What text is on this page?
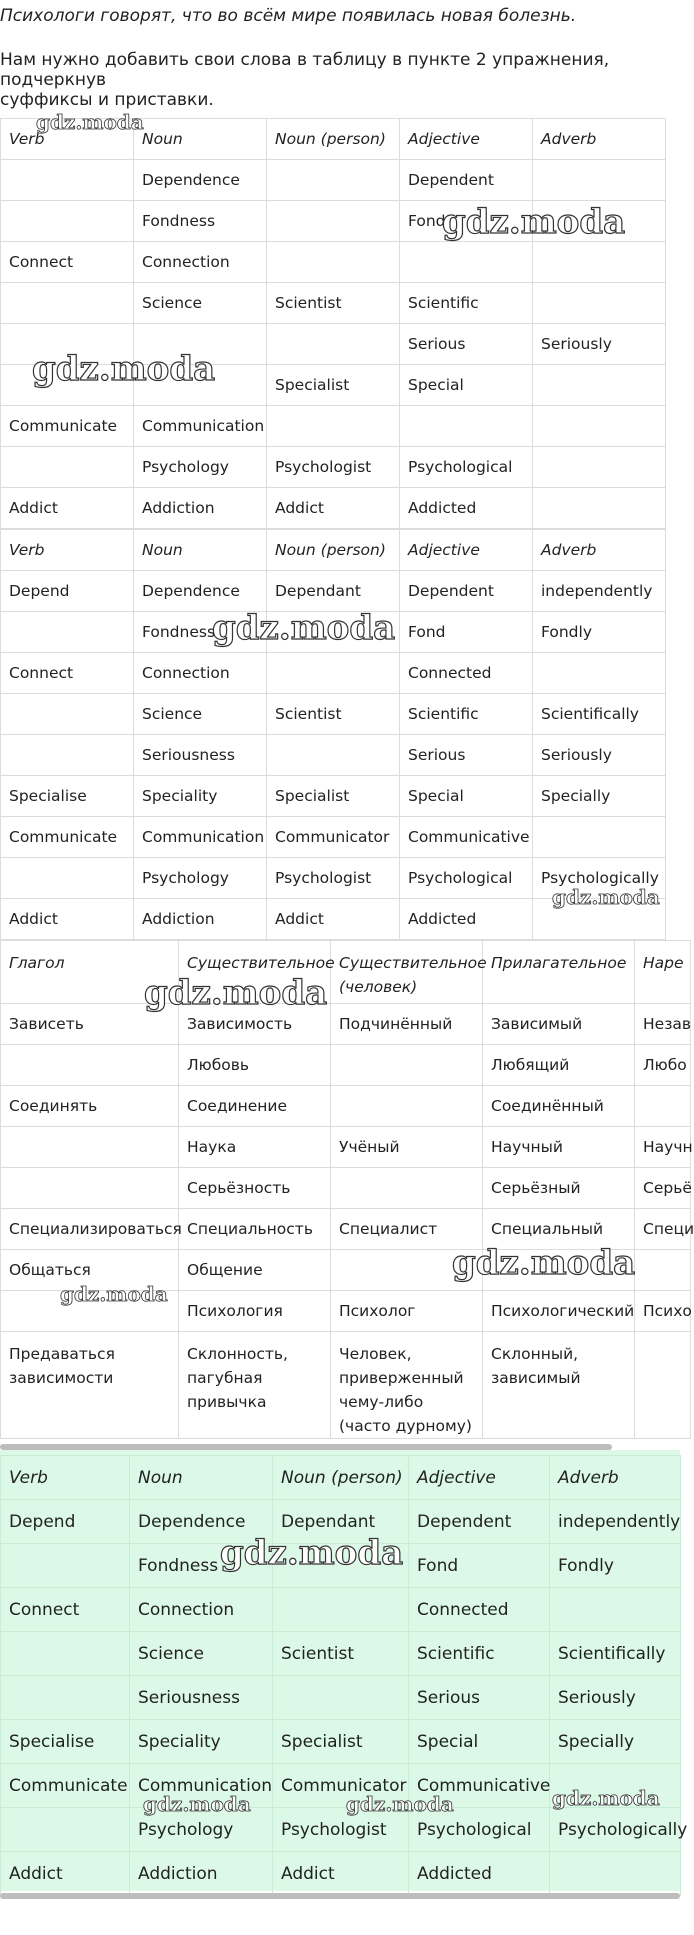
Психологи говорят, что во всём мире появилась новая болезнь.
Нам нужно добавить свои слова в таблицу в пункте 2 упражнения, подчеркнув
суффиксы и приставки.
Verb	Noun	Noun (person)	Adjective	Adverb
	Dependence		Dependent	
	Fondness		Fond	
Connect	Connection			
	Science	Scientist	Scientific	
			Serious	Seriously
		Specialist	Special	
Communicate	Communication			
	Psychology	Psychologist	Psychological	
Addict	Addiction	Addict	Addicted	
Verb	Noun	Noun (person)	Adjective	Adverb
Depend	Dependence	Dependant	Dependent	independently
	Fondness		Fond	Fondly
Connect	Connection		Connected	
	Science	Scientist	Scientific	Scientifically
	Seriousness		Serious	Seriously
Specialise	Speciality	Specialist	Special	Specially
Communicate	Communication	Communicator	Communicative	
	Psychology	Psychologist	Psychological	Psychologically
Addict	Addiction	Addict	Addicted	
Глагол	Существительное	Существительное (человек)	Прилагательное	Наре
Зависеть	Зависимость	Подчинённый	Зависимый	Незав
	Любовь		Любящий	Любо
Соединять	Соединение		Соединённый	
	Наука	Учёный	Научный	Научн
	Серьёзность		Серьёзный	Серьё
Специализироваться	Специальность	Специалист	Специальный	Специ
Общаться	Общение			
	Психология	Психолог	Психологический	Психо
Предаваться зависимости	Склонность, пагубная привычка	Человек, приверженный чему-либо (часто дурному)	Склонный, зависимый	
Verb	Noun	Noun (person)	Adjective	Adverb
Depend	Dependence	Dependant	Dependent	independently
	Fondness		Fond	Fondly
Connect	Connection		Connected	
	Science	Scientist	Scientific	Scientifically
	Seriousness		Serious	Seriously
Specialise	Speciality	Specialist	Special	Specially
Communicate	Communication	Communicator	Communicative	
	Psychology	Psychologist	Psychological	Psychologically
Addict	Addiction	Addict	Addicted	
gdz.moda
gdz.moda
gdz.moda
gdz.moda
gdz.moda
gdz.moda
gdz.moda
gdz.moda
gdz.moda
gdz.moda	gdz.moda	gdz.moda
